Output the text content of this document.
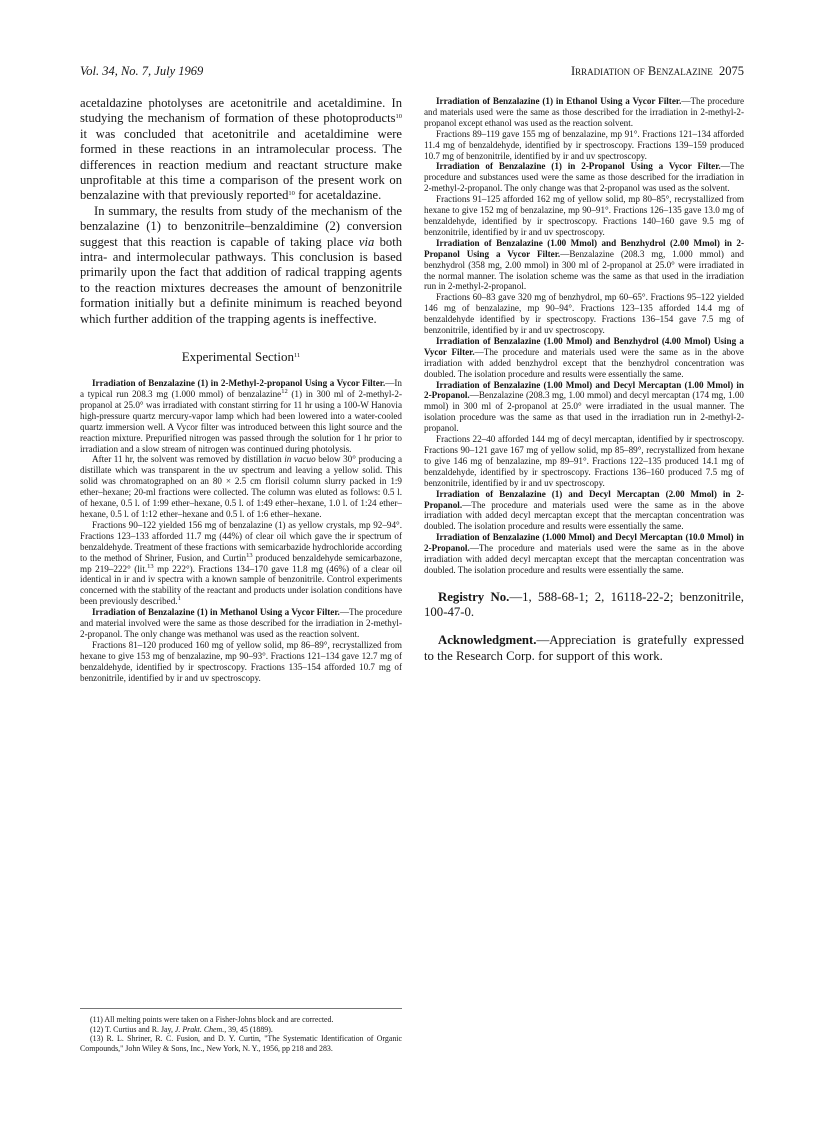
Vol. 34, No. 7, July 1969	Irradiation of Benzalazine 2075

acetaldazine photolyses are acetonitrile and acetaldimine. In studying the mechanism of formation of these photoproducts$^{10}$ it was concluded that acetonitrile and acetaldimine were formed in these reactions in an intramolecular process. The differences in reaction medium and reactant structure make unprofitable at this time a comparison of the present work on benzalazine with that previously reported$^{10}$ for acetaldazine.

In summary, the results from study of the mechanism of the benzalazine (1) to benzonitrile–benzaldimine (2) conversion suggest that this reaction is capable of taking place via both intra- and intermolecular pathways. This conclusion is based primarily upon the fact that addition of radical trapping agents to the reaction mixtures decreases the amount of benzonitrile formation initially but a definite minimum is reached beyond which further addition of the trapping agents is ineffective.

Experimental Section$^{11}$

Irradiation of Benzalazine (1) in 2-Methyl-2-propanol Using a Vycor Filter.—In a typical run 208.3 mg (1.000 mmol) of benzalazine$^{12}$ (1) in 300 ml of 2-methyl-2-propanol at 25.0° was irradiated with constant stirring for 11 hr using a 100-W Hanovia high-pressure quartz mercury-vapor lamp which had been lowered into a water-cooled quartz immersion well. A Vycor filter was introduced between this light source and the reaction mixture. Prepurified nitrogen was passed through the solution for 1 hr prior to irradiation and a slow stream of nitrogen was continued during photolysis.

After 11 hr, the solvent was removed by distillation in vacuo below 30° producing a distillate which was transparent in the uv spectrum and leaving a yellow solid. This solid was chromatographed on an 80 × 2.5 cm florisil column slurry packed in 1:9 ether–hexane; 20-ml fractions were collected. The column was eluted as follows: 0.5 l. of hexane, 0.5 l. of 1:99 ether–hexane, 0.5 l. of 1:49 ether–hexane, 1.0 l. of 1:24 ether–hexane, 0.5 l. of 1:12 ether–hexane and 0.5 l. of 1:6 ether–hexane.

Fractions 90–122 yielded 156 mg of benzalazine (1) as yellow crystals, mp 92–94°. Fractions 123–133 afforded 11.7 mg (44%) of clear oil which gave the ir spectrum of benzaldehyde. Treatment of these fractions with semicarbazide hydrochloride according to the method of Shriner, Fusion, and Curtin$^{13}$ produced benzaldehyde semicarbazone, mp 219–222° (lit.$^{13}$ mp 222°). Fractions 134–170 gave 11.8 mg (46%) of a clear oil identical in ir and iv spectra with a known sample of benzonitrile. Control experiments concerned with the stability of the reactant and products under isolation conditions have been previously described.$^1$

Irradiation of Benzalazine (1) in Methanol Using a Vycor Filter.—The procedure and material involved were the same as those described for the irradiation in 2-methyl-2-propanol. The only change was methanol was used as the reaction solvent.

Fractions 81–120 produced 160 mg of yellow solid, mp 86–89°, recrystallized from hexane to give 153 mg of benzalazine, mp 90–93°. Fractions 121–134 gave 12.7 mg of benzaldehyde, identified by ir spectroscopy. Fractions 135–154 afforded 10.7 mg of benzonitrile, identified by ir and uv spectroscopy.

(11) All melting points were taken on a Fisher-Johns block and are corrected.

(12) T. Curtius and R. Jay, J. Prakt. Chem., 39, 45 (1889).

(13) R. L. Shriner, R. C. Fusion, and D. Y. Curtin, "The Systematic Identification of Organic Compounds," John Wiley & Sons, Inc., New York, N. Y., 1956, pp 218 and 283.

Irradiation of Benzalazine (1) in Ethanol Using a Vycor Filter.—The procedure and materials used were the same as those described for the irradiation in 2-methyl-2-propanol except ethanol was used as the reaction solvent.

Fractions 89–119 gave 155 mg of benzalazine, mp 91°. Fractions 121–134 afforded 11.4 mg of benzaldehyde, identified by ir spectroscopy. Fractions 139–159 produced 10.7 mg of benzonitrile, identified by ir and uv spectroscopy.

Irradiation of Benzalazine (1) in 2-Propanol Using a Vycor Filter.—The procedure and substances used were the same as those described for the irradiation in 2-methyl-2-propanol. The only change was that 2-propanol was used as the solvent.

Fractions 91–125 afforded 162 mg of yellow solid, mp 80–85°, recrystallized from hexane to give 152 mg of benzalazine, mp 90–91°. Fractions 126–135 gave 13.0 mg of benzaldehyde, identified by ir spectroscopy. Fractions 140–160 gave 9.5 mg of benzonitrile, identified by ir and uv spectroscopy.

Irradiation of Benzalazine (1.00 Mmol) and Benzhydrol (2.00 Mmol) in 2-Propanol Using a Vycor Filter.—Benzalazine (208.3 mg, 1.000 mmol) and benzhydrol (358 mg, 2.00 mmol) in 300 ml of 2-propanol at 25.0° were irradiated in the normal manner. The isolation scheme was the same as that used in the irradiation run in 2-methyl-2-propanol.

Fractions 60–83 gave 320 mg of benzhydrol, mp 60–65°. Fractions 95–122 yielded 146 mg of benzalazine, mp 90–94°. Fractions 123–135 afforded 14.4 mg of benzaldehyde identified by ir spectroscopy. Fractions 136–154 gave 7.5 mg of benzonitrile, identified by ir and uv spectroscopy.

Irradiation of Benzalazine (1.00 Mmol) and Benzhydrol (4.00 Mmol) Using a Vycor Filter.—The procedure and materials used were the same as in the above irradiation with added benzhydrol except that the benzhydrol concentration was doubled. The isolation procedure and results were essentially the same.

Irradiation of Benzalazine (1.00 Mmol) and Decyl Mercaptan (1.00 Mmol) in 2-Propanol.—Benzalazine (208.3 mg, 1.00 mmol) and decyl mercaptan (174 mg, 1.00 mmol) in 300 ml of 2-propanol at 25.0° were irradiated in the usual manner. The isolation procedure was the same as that used in the irradiation run in 2-methyl-2-propanol.

Fractions 22–40 afforded 144 mg of decyl mercaptan, identified by ir spectroscopy. Fractions 90–121 gave 167 mg of yellow solid, mp 85–89°, recrystallized from hexane to give 146 mg of benzalazine, mp 89–91°. Fractions 122–135 produced 14.1 mg of benzaldehyde, identified by ir spectroscopy. Fractions 136–160 produced 7.5 mg of benzonitrile, identified by ir and uv spectroscopy.

Irradiation of Benzalazine (1) and Decyl Mercaptan (2.00 Mmol) in 2-Propanol.—The procedure and materials used were the same as in the above irradiation with added decyl mercaptan except that the mercaptan concentration was doubled. The isolation procedure and results were essentially the same.

Irradiation of Benzalazine (1.000 Mmol) and Decyl Mercaptan (10.0 Mmol) in 2-Propanol.—The procedure and materials used were the same as in the above irradiation with added decyl mercaptan except that the mercaptan concentration was doubled. The isolation procedure and results were essentially the same.

Registry No.—1, 588-68-1; 2, 16118-22-2; benzonitrile, 100-47-0.

Acknowledgment.—Appreciation is gratefully expressed to the Research Corp. for support of this work.
